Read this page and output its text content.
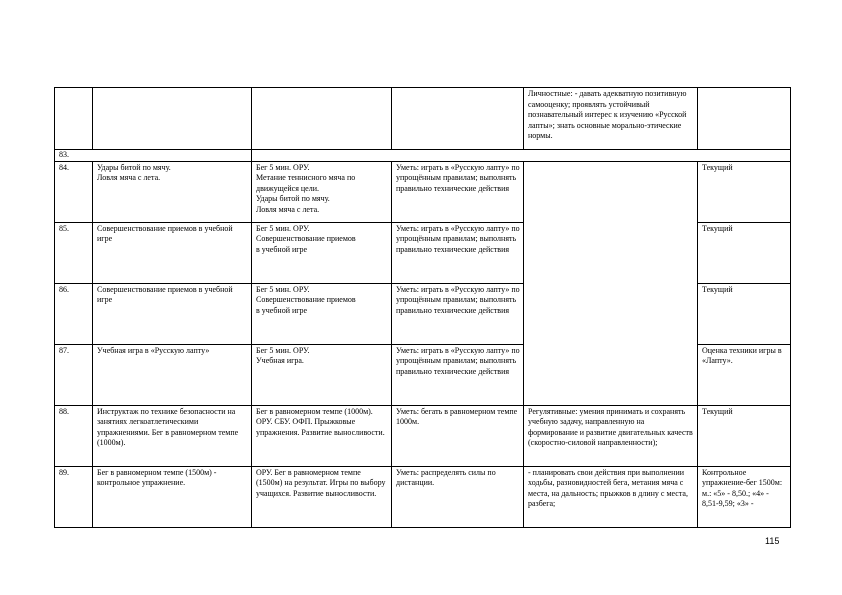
				Личностные: - давать адекватную позитивную самооценку; проявлять устойчивый познавательный интерес к изучению «Русской лапты»; знать основные морально-этические нормы.	
83.					
84.	Удары битой по мячу.
Ловля мяча с лета.	Бег 5 мин. ОРУ.
Метание теннисного мяча по движущейся цели.
Удары битой по мячу.
Ловля мяча с лета.	Уметь: играть в «Русскую лапту» по упрощённым правилам; выполнять правильно технические действия		Текущий
85.	Совершенствование приемов в учебной игре	Бег 5 мин. ОРУ.
Совершенствование приемов
в учебной игре	Уметь: играть в «Русскую лапту» по упрощённым правилам; выполнять правильно технические действия		Текущий
86.	Совершенствование приемов в учебной игре	Бег 5 мин. ОРУ.
Совершенствование приемов
в учебной игре	Уметь: играть в «Русскую лапту» по упрощённым правилам; выполнять правильно технические действия		Текущий
87.	Учебная игра в «Русскую лапту»	Бег 5 мин. ОРУ.
Учебная игра.	Уметь: играть в «Русскую лапту» по упрощённым правилам; выполнять правильно технические действия		Оценка техники игры в «Лапту».
88.	Инструктаж по технике безопасности на занятиях легкоатлетическими упражнениями. Бег в равномерном темпе (1000м).	Бег в равномерном темпе (1000м). ОРУ. СБУ. ОФП. Прыжковые упражнения. Развитие выносливости.	Уметь: бегать в равномерном темпе 1000м.	Регулятивные: умения принимать и сохранять учебную задачу, направленную на формирование и развитие двигательных качеств (скоростно-силовой направленности);	Текущий
89.	Бег в равномерном темпе (1500м) - контрольное упражнение.	ОРУ. Бег в равномерном темпе (1500м) на результат. Игры по выбору учащихся. Развитие выносливости.	Уметь: распределять силы по дистанции.	- планировать свои действия при выполнении ходьбы, разновидностей бега, метания мяча с места, на дальность; прыжков в длину с места, разбега;	Контрольное упражнение-бег 1500м:
м.: «5» - 8,50.; «4» - 8,51-9,59; «3» -
115
